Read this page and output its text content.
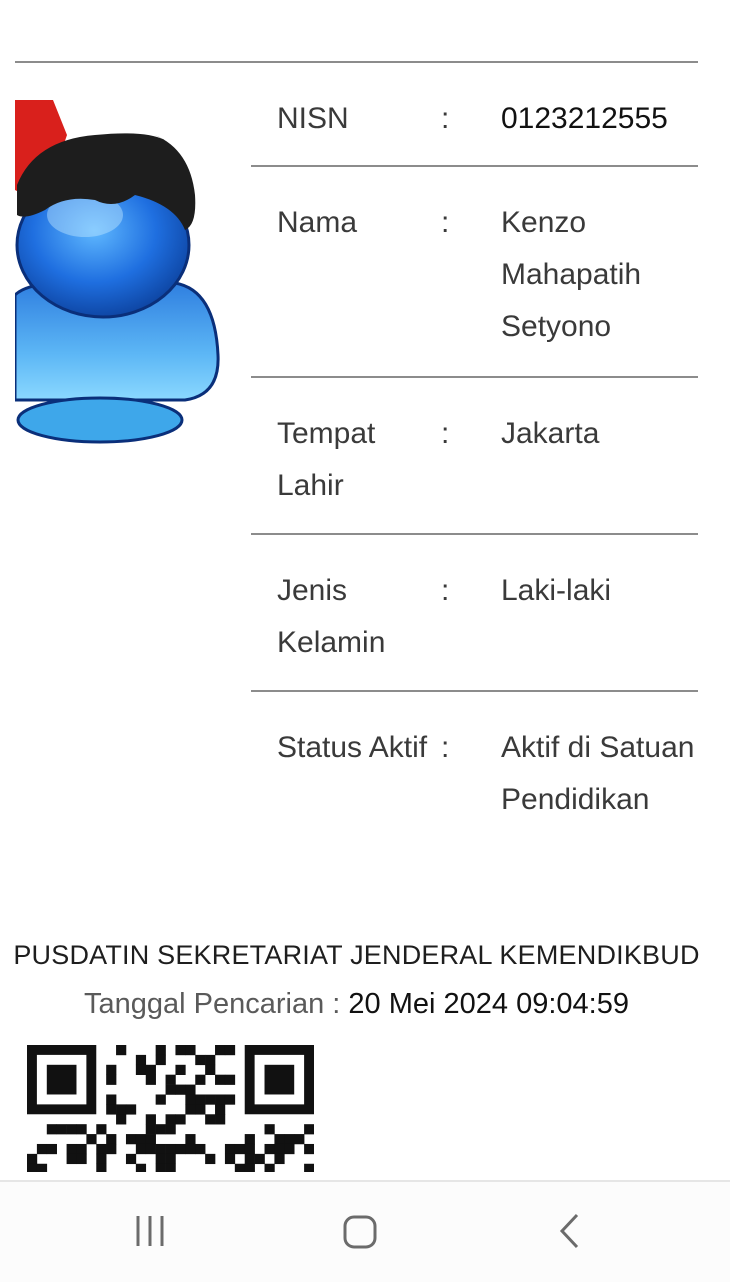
NISN	: 0123212555
Nama	: Kenzo Mahapatih Setyono
Tempat Lahir
: Jakarta
Jenis Kelamin
: Laki-laki
Status Aktif : Aktif di Satuan Pendidikan
PUSDATIN SEKRETARIAT JENDERAL KEMENDIKBUD
Tanggal Pencarian : 20 Mei 2024 09:04:59
